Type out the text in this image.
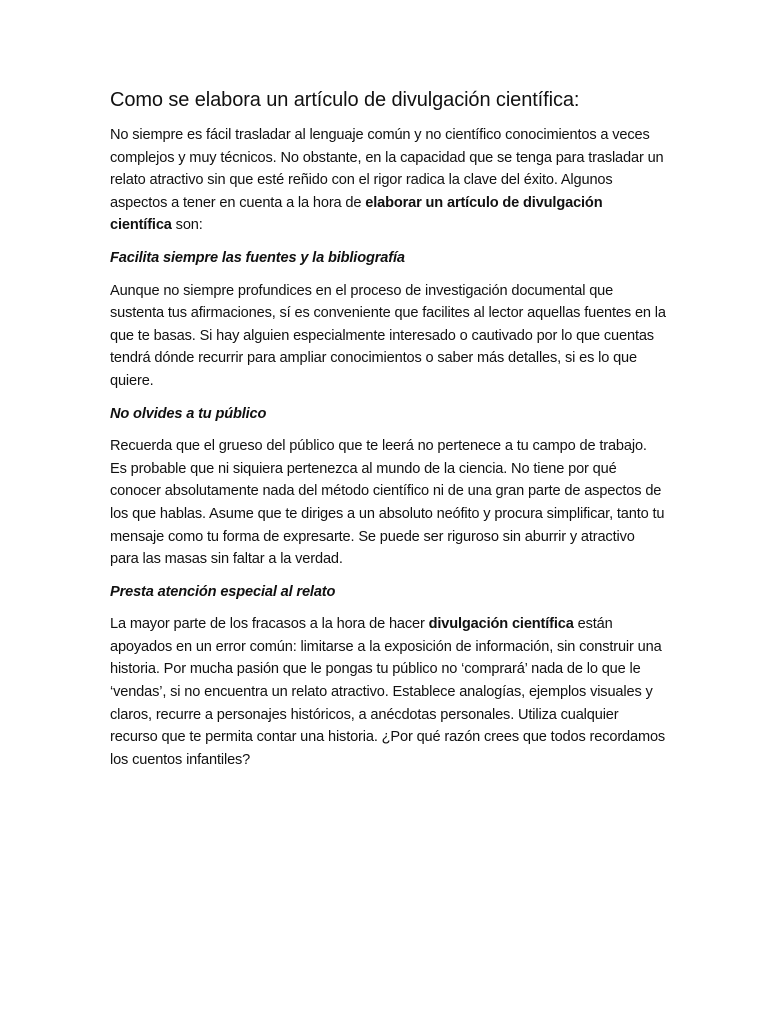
Como se elabora un artículo de divulgación científica:

No siempre es fácil trasladar al lenguaje común y no científico conocimientos a veces complejos y muy técnicos. No obstante, en la capacidad que se tenga para trasladar un relato atractivo sin que esté reñido con el rigor radica la clave del éxito. Algunos aspectos a tener en cuenta a la hora de elaborar un artículo de divulgación científica son:

Facilita siempre las fuentes y la bibliografía

Aunque no siempre profundices en el proceso de investigación documental que sustenta tus afirmaciones, sí es conveniente que facilites al lector aquellas fuentes en la que te basas. Si hay alguien especialmente interesado o cautivado por lo que cuentas tendrá dónde recurrir para ampliar conocimientos o saber más detalles, si es lo que quiere.

No olvides a tu público

Recuerda que el grueso del público que te leerá no pertenece a tu campo de trabajo. Es probable que ni siquiera pertenezca al mundo de la ciencia. No tiene por qué conocer absolutamente nada del método científico ni de una gran parte de aspectos de los que hablas. Asume que te diriges a un absoluto neófito y procura simplificar, tanto tu mensaje como tu forma de expresarte. Se puede ser riguroso sin aburrir y atractivo para las masas sin faltar a la verdad.

Presta atención especial al relato

La mayor parte de los fracasos a la hora de hacer divulgación científica están apoyados en un error común: limitarse a la exposición de información, sin construir una historia. Por mucha pasión que le pongas tu público no ‘comprará’ nada de lo que le ‘vendas’, si no encuentra un relato atractivo. Establece analogías, ejemplos visuales y claros, recurre a personajes históricos, a anécdotas personales. Utiliza cualquier recurso que te permita contar una historia. ¿Por qué razón crees que todos recordamos los cuentos infantiles?
